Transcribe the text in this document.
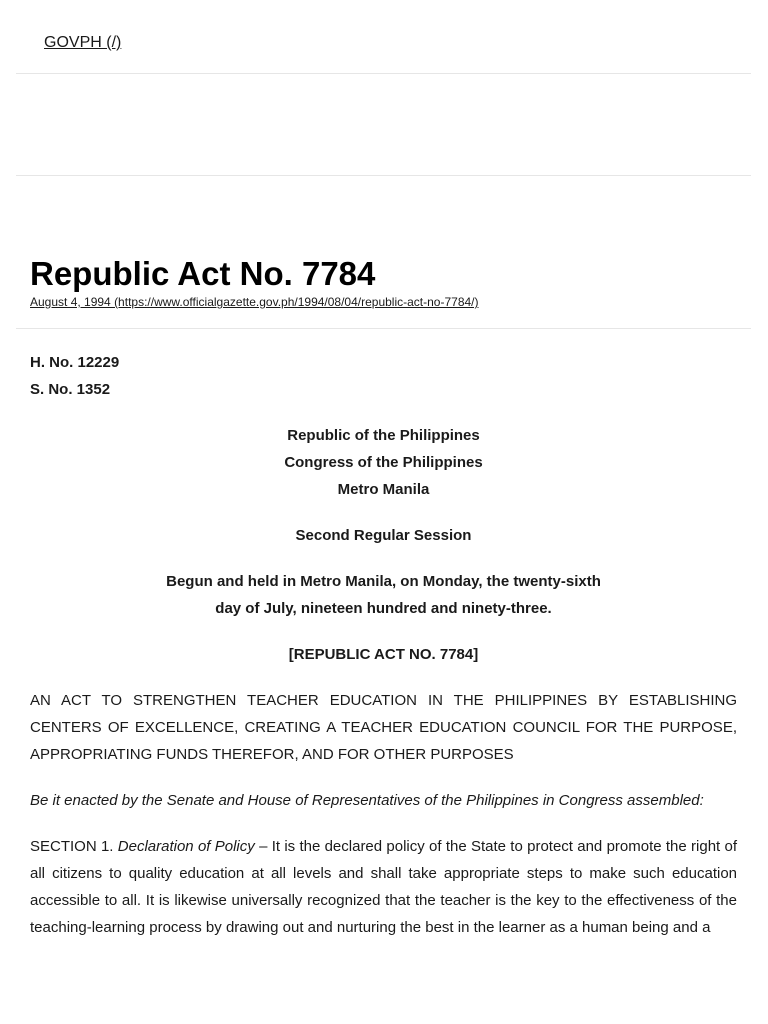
GOVPH (/)
Republic Act No. 7784
August 4, 1994 (https://www.officialgazette.gov.ph/1994/08/04/republic-act-no-7784/)
H. No. 12229
S. No. 1352
Republic of the Philippines
Congress of the Philippines
Metro Manila
Second Regular Session
Begun and held in Metro Manila, on Monday, the twenty-sixth
day of July, nineteen hundred and ninety-three.
[REPUBLIC ACT NO. 7784]

AN ACT TO STRENGTHEN TEACHER EDUCATION IN THE PHILIPPINES BY ESTABLISHING CENTERS OF EXCELLENCE, CREATING A TEACHER EDUCATION COUNCIL FOR THE PURPOSE, APPROPRIATING FUNDS THEREFOR, AND FOR OTHER PURPOSES

Be it enacted by the Senate and House of Representatives of the Philippines in Congress assembled:

SECTION 1. Declaration of Policy – It is the declared policy of the State to protect and promote the right of all citizens to quality education at all levels and shall take appropriate steps to make such education accessible to all. It is likewise universally recognized that the teacher is the key to the effectiveness of the teaching-learning process by drawing out and nurturing the best in the learner as a human being and a
